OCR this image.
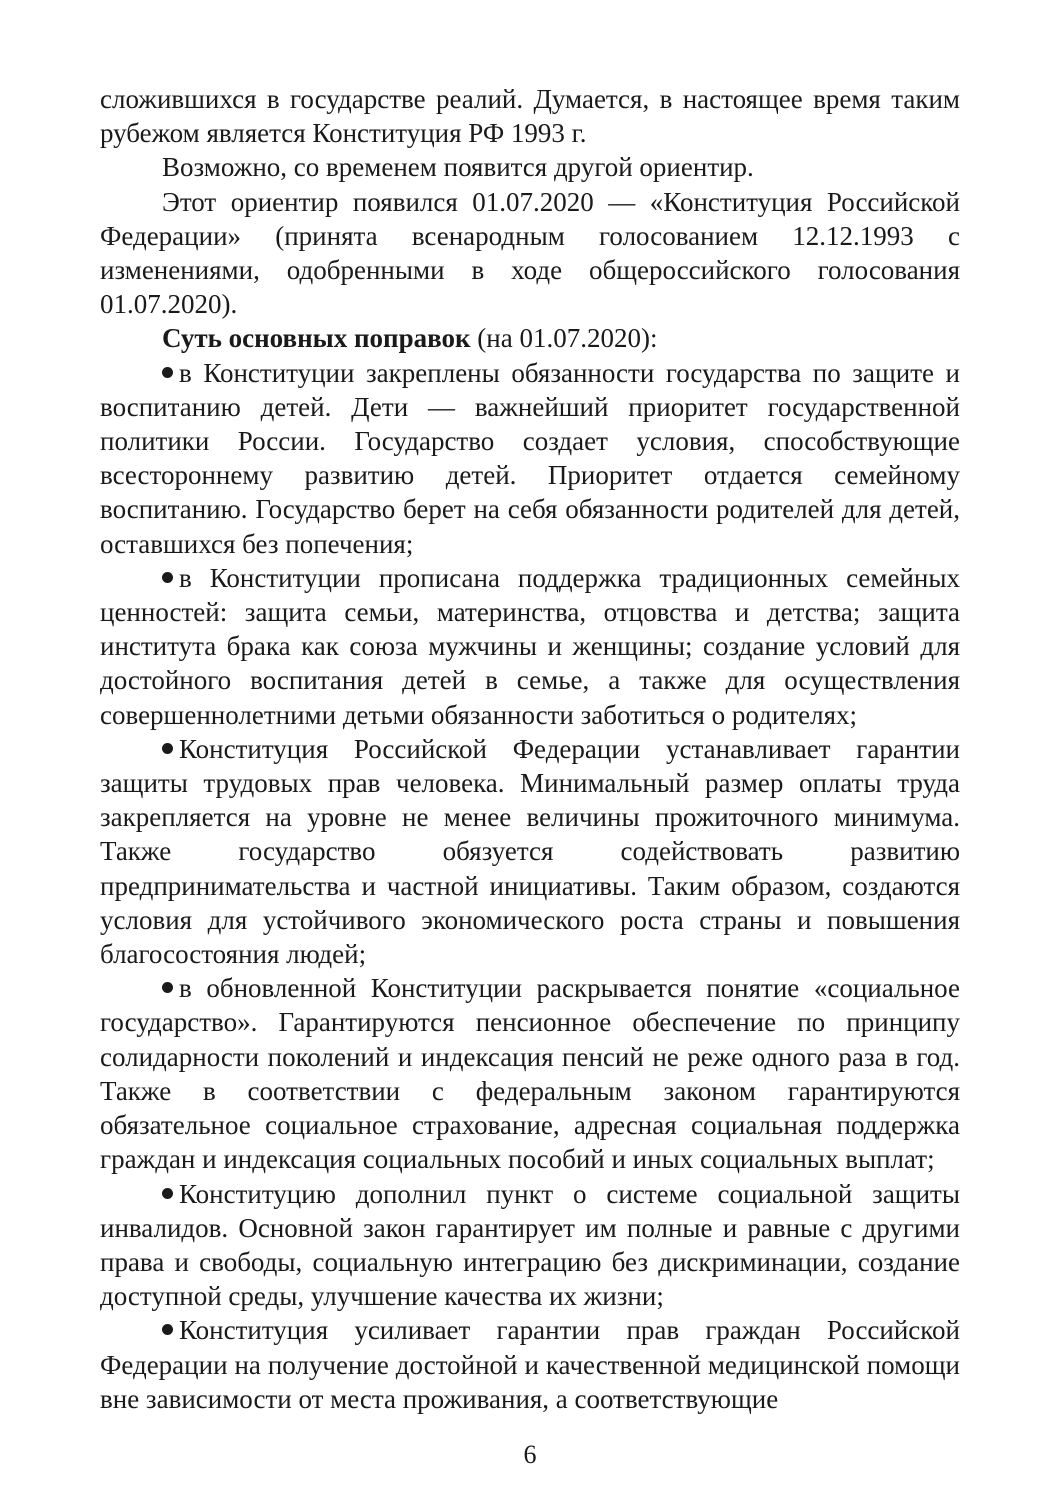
сложившихся в государстве реалий. Думается, в настоящее время таким рубежом является Конституция РФ 1993 г.

Возможно, со временем появится другой ориентир.

Этот ориентир появился 01.07.2020 — «Конституция Российской Федерации» (принята всенародным голосованием 12.12.1993 с изменениями, одобренными в ходе общероссийского голосования 01.07.2020).

Суть основных поправок (на 01.07.2020):

в Конституции закреплены обязанности государства по защите и воспитанию детей. Дети — важнейший приоритет государственной политики России. Государство создает условия, способствующие всестороннему развитию детей. Приоритет отдается семейному воспитанию. Государство берет на себя обязанности родителей для детей, оставшихся без попечения;

в Конституции прописана поддержка традиционных семейных ценностей: защита семьи, материнства, отцовства и детства; защита института брака как союза мужчины и женщины; создание условий для достойного воспитания детей в семье, а также для осуществления совершеннолетними детьми обязанности заботиться о родителях;

Конституция Российской Федерации устанавливает гарантии защиты трудовых прав человека. Минимальный размер оплаты труда закрепляется на уровне не менее величины прожиточного минимума. Также государство обязуется содействовать развитию предпринимательства и частной инициативы. Таким образом, создаются условия для устойчивого экономического роста страны и повышения благосостояния людей;

в обновленной Конституции раскрывается понятие «социальное государство». Гарантируются пенсионное обеспечение по принципу солидарности поколений и индексация пенсий не реже одного раза в год. Также в соответствии с федеральным законом гарантируются обязательное социальное страхование, адресная социальная поддержка граждан и индексация социальных пособий и иных социальных выплат;

Конституцию дополнил пункт о системе социальной защиты инвалидов. Основной закон гарантирует им полные и равные с другими права и свободы, социальную интеграцию без дискриминации, создание доступной среды, улучшение качества их жизни;

Конституция усиливает гарантии прав граждан Российской Федерации на получение достойной и качественной медицинской помощи вне зависимости от места проживания, а соответствующие

6
